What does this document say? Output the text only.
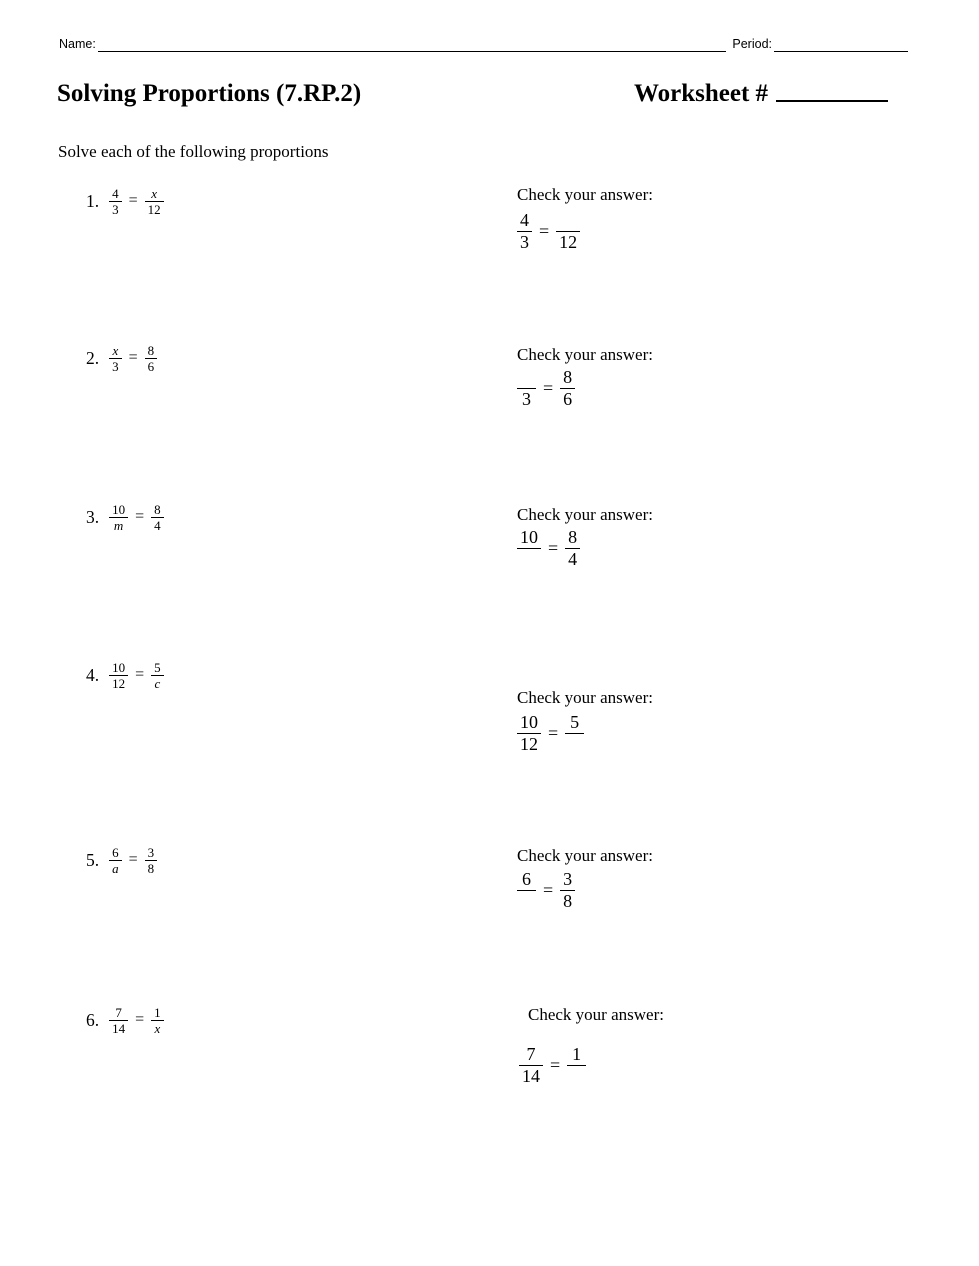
Name:	Period:
Solving Proportions (7.RP.2)	Worksheet #
Solve each of the following proportions
1. $\frac{4}{3} = \frac{x}{12}$	Check your answer:
$\frac{4}{3}$ =
12
2. $\frac{x}{3} = \frac{8}{6}$	Check your answer:
3
= $\frac{8}{6}$
3. $\frac{10}{m} = \frac{8}{4}$	Check your answer:
10
= $\frac{8}{4}$
4. $\frac{10}{12} = \frac{5}{c}$
Check your answer:
$\frac{10}{12}$ =
5
5. $\frac{6}{a} = \frac{3}{8}$	Check your answer:
6
= $\frac{3}{8}$
6. $\frac{7}{14} = \frac{1}{x}$	Check your answer:
$\frac{7}{14}$ =
1
